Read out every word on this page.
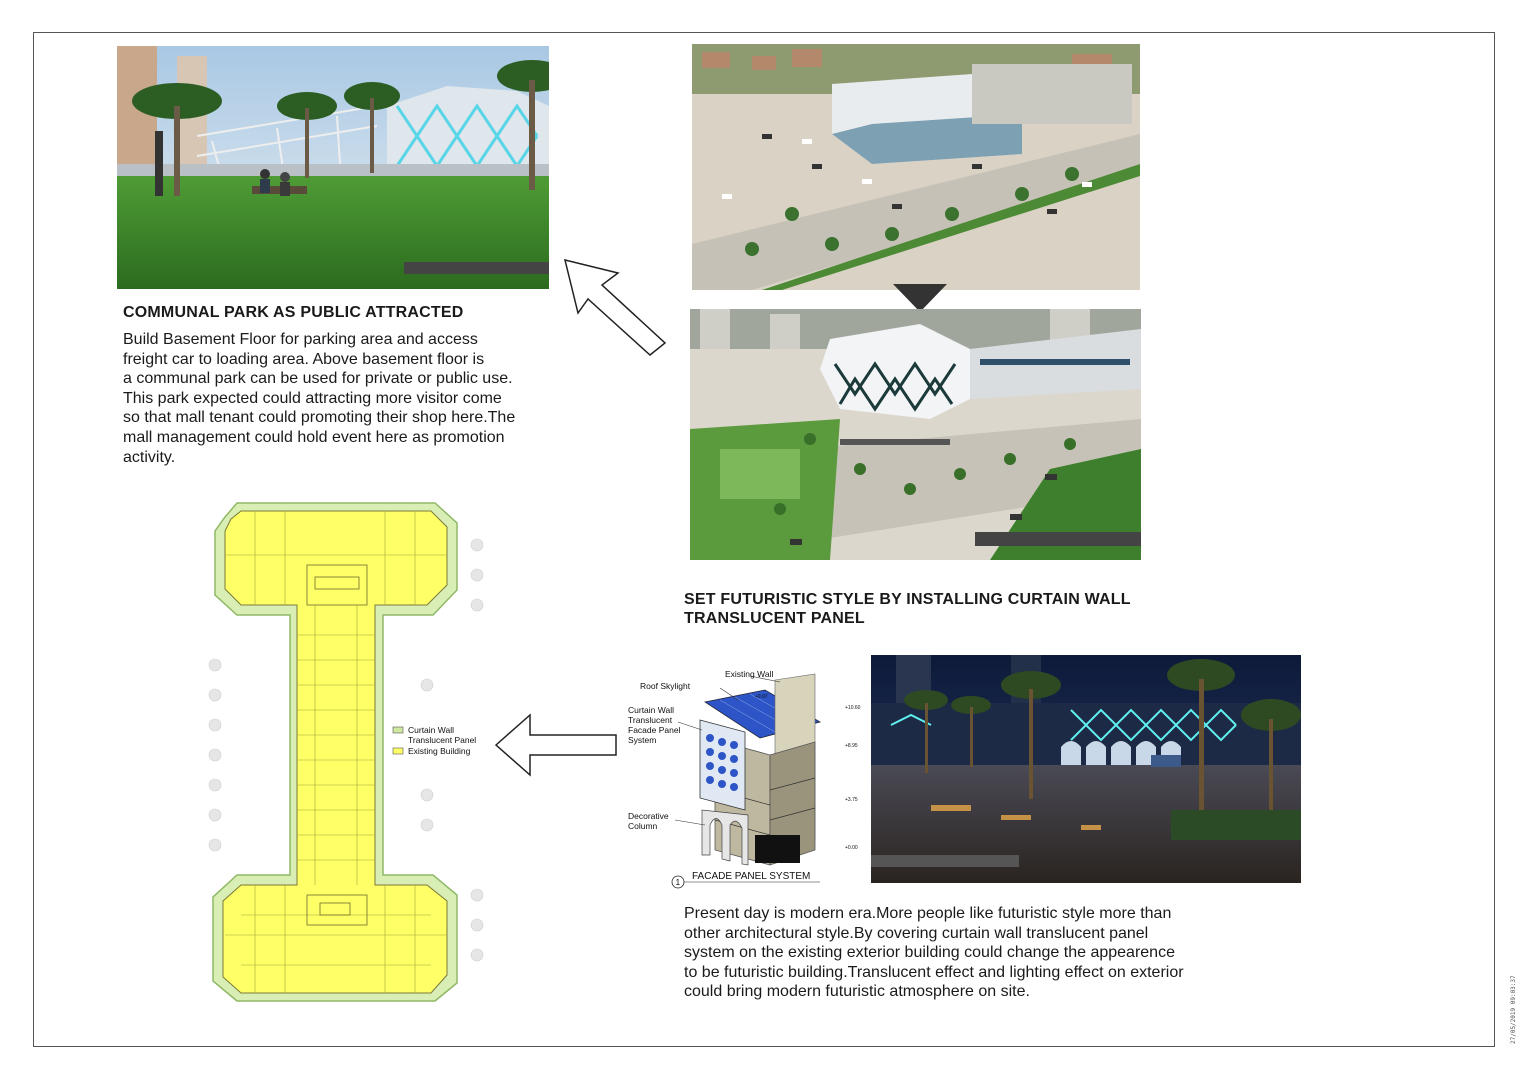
COMMUNAL PARK AS PUBLIC ATTRACTED
Build Basement Floor for parking area and access
freight car to loading area. Above basement floor is
a communal park can be used for private or public use.
This park expected could attracting more visitor come
so that mall tenant could promoting their shop here.The
mall management could hold event here as promotion
activity.
SET FUTURISTIC STYLE BY INSTALLING CURTAIN WALL
TRANSLUCENT PANEL
Curtain Wall
Translucent Panel
Existing Building
Existing Wall
Roof Skylight
Curtain Wall
Translucent
Facade Panel
System
Decorative
Column
+10.60
+9.97
+8.95
+3.75
+0.00
1 FACADE PANEL SYSTEM
Present day is modern era.More people like futuristic style more than
other architectural style.By covering curtain wall translucent panel
system on the existing exterior building could change the appearence
to be futuristic building.Translucent effect and lighting effect on exterior
could bring modern futuristic atmosphere on site.	27/05/2019 09:03:37
